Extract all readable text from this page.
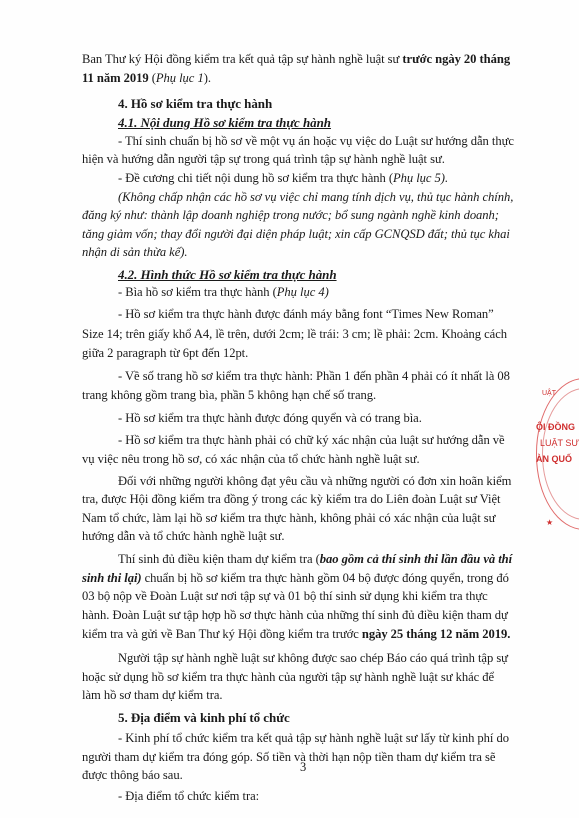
Ban Thư ký Hội đồng kiểm tra kết quả tập sự hành nghề luật sư trước ngày 20 tháng
11 năm 2019 (Phụ lục 1).
4. Hồ sơ kiểm tra thực hành
4.1. Nội dung Hồ sơ kiểm tra thực hành
- Thí sinh chuẩn bị hồ sơ về một vụ án hoặc vụ việc do Luật sư hướng dẫn thực
hiện và hướng dẫn người tập sự trong quá trình tập sự hành nghề luật sư.
- Đề cương chi tiết nội dung hồ sơ kiểm tra thực hành (Phụ lục 5).
(Không chấp nhận các hồ sơ vụ việc chỉ mang tính dịch vụ, thủ tục hành chính,
đăng ký như: thành lập doanh nghiệp trong nước; bổ sung ngành nghề kinh doanh;
tăng giảm vốn; thay đổi người đại diện pháp luật; xin cấp GCNQSD đất; thủ tục khai
nhận di sản thừa kế).
4.2. Hình thức Hồ sơ kiểm tra thực hành
- Bìa hồ sơ kiểm tra thực hành (Phụ lục 4)
- Hồ sơ kiểm tra thực hành được đánh máy bằng font “Times New Roman”
Size 14; trên giấy khổ A4, lề trên, dưới 2cm; lề trái: 3 cm; lề phải: 2cm. Khoảng cách
giữa 2 paragraph từ 6pt đến 12pt.
- Về số trang hồ sơ kiểm tra thực hành: Phần 1 đến phần 4 phải có ít nhất là 08
trang không gồm trang bìa, phần 5 không hạn chế số trang.
- Hồ sơ kiểm tra thực hành được đóng quyển và có trang bìa.
- Hồ sơ kiểm tra thực hành phải có chữ ký xác nhận của luật sư hướng dẫn về
vụ việc nêu trong hồ sơ, có xác nhận của tổ chức hành nghề luật sư.
Đối với những người không đạt yêu cầu và những người có đơn xin hoãn kiểm
tra, được Hội đồng kiểm tra đồng ý trong các kỳ kiểm tra do Liên đoàn Luật sư Việt
Nam tổ chức, làm lại hồ sơ kiểm tra thực hành, không phải có xác nhận của luật sư
hướng dẫn và tổ chức hành nghề luật sư.
Thí sinh đủ điều kiện tham dự kiểm tra (bao gồm cả thí sinh thi lần đầu và thí
sinh thi lại) chuẩn bị hồ sơ kiểm tra thực hành gồm 04 bộ được đóng quyển, trong đó
03 bộ nộp về Đoàn Luật sư nơi tập sự và 01 bộ thí sinh sử dụng khi kiểm tra thực
hành. Đoàn Luật sư tập hợp hồ sơ thực hành của những thí sinh đủ điều kiện tham dự
kiểm tra và gửi về Ban Thư ký Hội đồng kiểm tra trước ngày 25 tháng 12 năm 2019.
Người tập sự hành nghề luật sư không được sao chép Báo cáo quá trình tập sự
hoặc sử dụng hồ sơ kiểm tra thực hành của người tập sự hành nghề luật sư khác để
làm hồ sơ tham dự kiểm tra.
5. Địa điểm và kinh phí tổ chức
- Kinh phí tổ chức kiểm tra kết quả tập sự hành nghề luật sư lấy từ kinh phí do
người tham dự kiểm tra đóng góp. Số tiền và thời hạn nộp tiền tham dự kiểm tra sẽ
được thông báo sau.
- Địa điểm tổ chức kiểm tra:
3
UẬT
ỘI ĐỒNG
LUẬT SƯ
ÀN QUỐ
★
